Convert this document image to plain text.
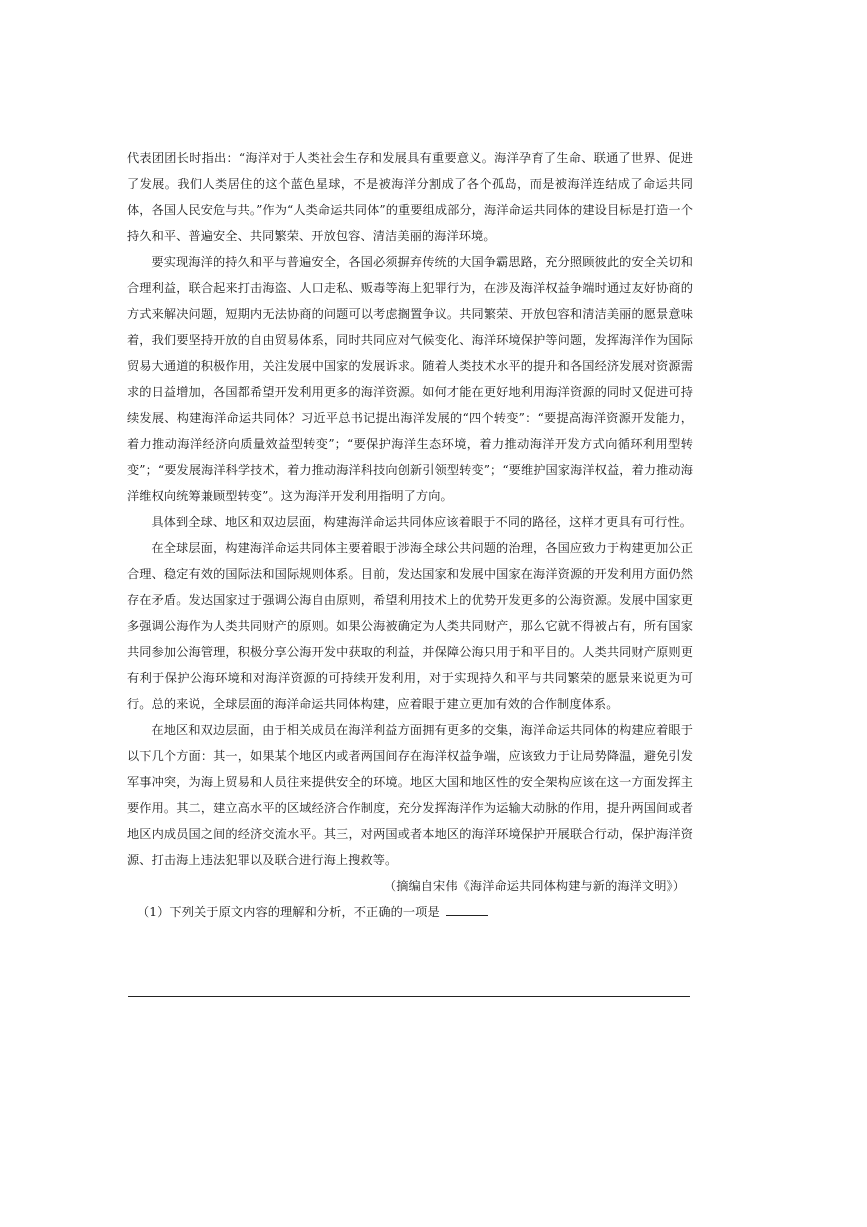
代表团团长时指出：“海洋对于人类社会生存和发展具有重要意义。海洋孕育了生命、联通了世界、促进了发展。我们人类居住的这个蓝色星球，不是被海洋分割成了各个孤岛，而是被海洋连结成了命运共同体，各国人民安危与共。”作为“人类命运共同体”的重要组成部分，海洋命运共同体的建设目标是打造一个持久和平、普遍安全、共同繁荣、开放包容、清洁美丽的海洋环境。

要实现海洋的持久和平与普遍安全，各国必须摒弃传统的大国争霸思路，充分照顾彼此的安全关切和合理利益，联合起来打击海盗、人口走私、贩毒等海上犯罪行为，在涉及海洋权益争端时通过友好协商的方式来解决问题，短期内无法协商的问题可以考虑搁置争议。共同繁荣、开放包容和清洁美丽的愿景意味着，我们要坚持开放的自由贸易体系，同时共同应对气候变化、海洋环境保护等问题，发挥海洋作为国际贸易大通道的积极作用，关注发展中国家的发展诉求。随着人类技术水平的提升和各国经济发展对资源需求的日益增加，各国都希望开发利用更多的海洋资源。如何才能在更好地利用海洋资源的同时又促进可持续发展、构建海洋命运共同体？习近平总书记提出海洋发展的“四个转变”：“要提高海洋资源开发能力，着力推动海洋经济向质量效益型转变”；“要保护海洋生态环境，着力推动海洋开发方式向循环利用型转变”；“要发展海洋科学技术，着力推动海洋科技向创新引领型转变”；“要维护国家海洋权益，着力推动海洋维权向统筹兼顾型转变”。这为海洋开发利用指明了方向。

具体到全球、地区和双边层面，构建海洋命运共同体应该着眼于不同的路径，这样才更具有可行性。

在全球层面，构建海洋命运共同体主要着眼于涉海全球公共问题的治理，各国应致力于构建更加公正合理、稳定有效的国际法和国际规则体系。目前，发达国家和发展中国家在海洋资源的开发利用方面仍然存在矛盾。发达国家过于强调公海自由原则，希望利用技术上的优势开发更多的公海资源。发展中国家更多强调公海作为人类共同财产的原则。如果公海被确定为人类共同财产，那么它就不得被占有，所有国家共同参加公海管理，积极分享公海开发中获取的利益，并保障公海只用于和平目的。人类共同财产原则更有利于保护公海环境和对海洋资源的可持续开发利用，对于实现持久和平与共同繁荣的愿景来说更为可行。总的来说，全球层面的海洋命运共同体构建，应着眼于建立更加有效的合作制度体系。

在地区和双边层面，由于相关成员在海洋利益方面拥有更多的交集，海洋命运共同体的构建应着眼于以下几个方面：其一，如果某个地区内或者两国间存在海洋权益争端，应该致力于让局势降温，避免引发军事冲突，为海上贸易和人员往来提供安全的环境。地区大国和地区性的安全架构应该在这一方面发挥主要作用。其二，建立高水平的区域经济合作制度，充分发挥海洋作为运输大动脉的作用，提升两国间或者地区内成员国之间的经济交流水平。其三，对两国或者本地区的海洋环境保护开展联合行动，保护海洋资源、打击海上违法犯罪以及联合进行海上搜救等。

（摘编自宋伟《海洋命运共同体构建与新的海洋文明》）

（1）下列关于原文内容的理解和分析，不正确的一项是
